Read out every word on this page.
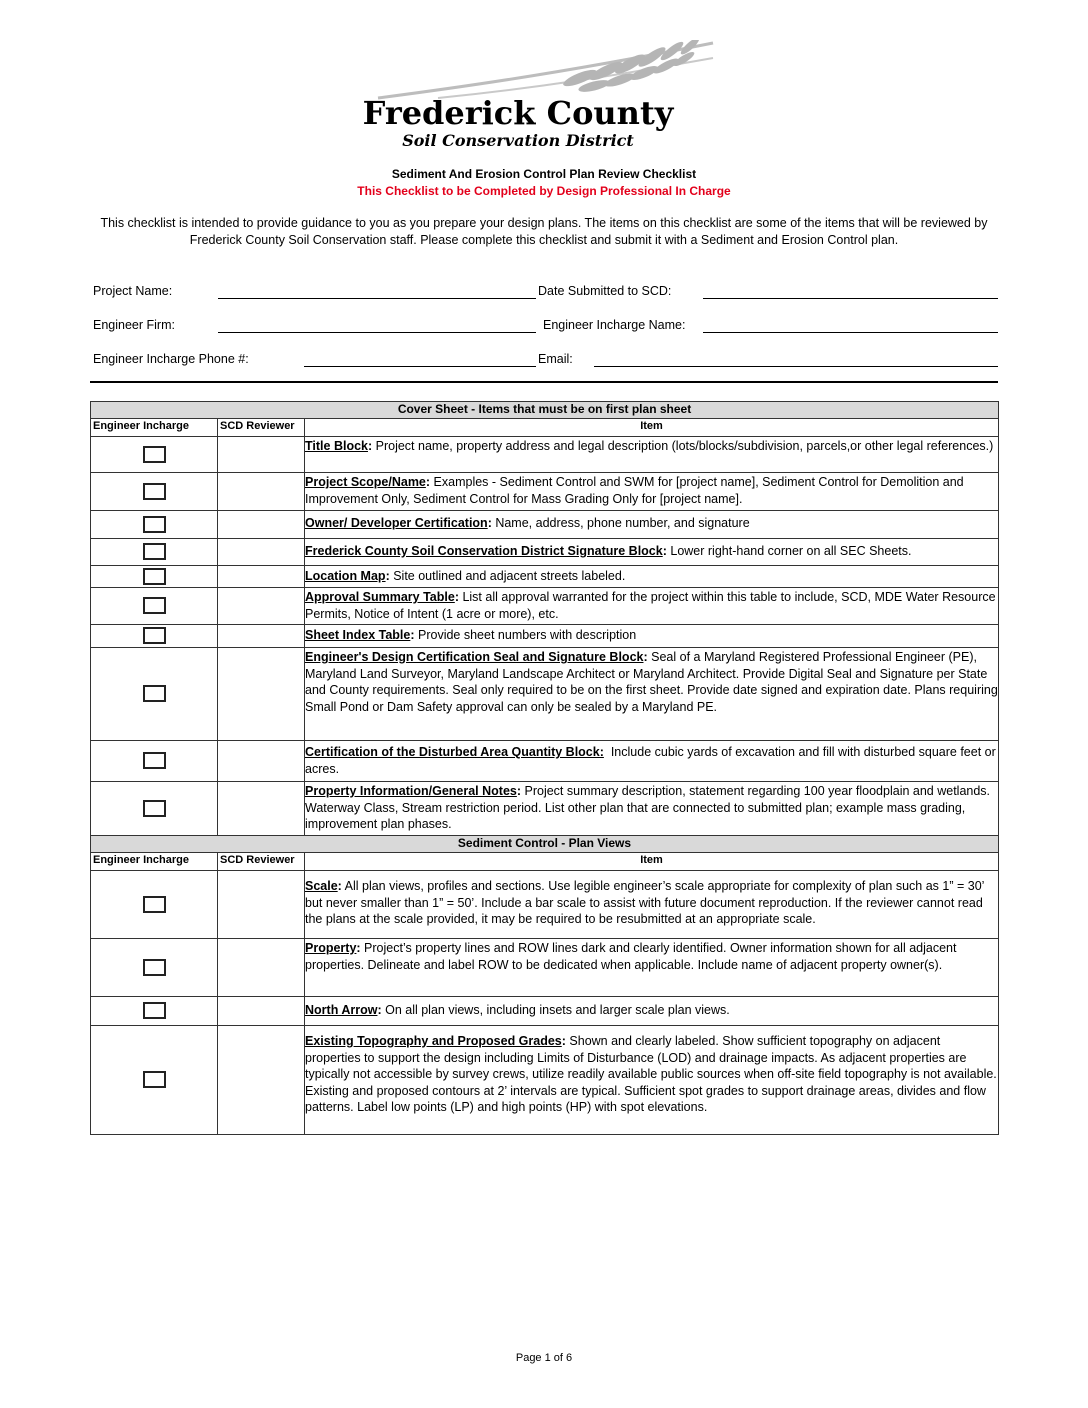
Frederick County
Soil Conservation District
Sediment And Erosion Control Plan Review Checklist
This Checklist to be Completed by Design Professional In Charge
This checklist is intended to provide guidance to you as you prepare your design plans. The items on this checklist are some of the items that will be reviewed by Frederick County Soil Conservation staff. Please complete this checklist and submit it with a Sediment and Erosion Control plan.
Project Name:	Date Submitted to SCD:
Engineer Firm:	Engineer Incharge Name:
Engineer Incharge Phone #:	Email:
Cover Sheet - Items that must be on first plan sheet		
Engineer Incharge	SCD Reviewer	Item
		Title Block: Project name, property address and legal description (lots/blocks/subdivision, parcels,or other legal references.)
		Project Scope/Name: Examples - Sediment Control and SWM for [project name], Sediment Control for Demolition and Improvement Only, Sediment Control for Mass Grading Only for [project name].
		Owner/ Developer Certification: Name, address, phone number, and signature
		Frederick County Soil Conservation District Signature Block: Lower right-hand corner on all SEC Sheets.
		Location Map: Site outlined and adjacent streets labeled.
		Approval Summary Table: List all approval warranted for the project within this table to include, SCD, MDE Water Resource Permits, Notice of Intent (1 acre or more), etc.
		Sheet Index Table: Provide sheet numbers with description
		Engineer's Design Certification Seal and Signature Block: Seal of a Maryland Registered Professional Engineer (PE), Maryland Land Surveyor, Maryland Landscape Architect or Maryland Architect. Provide Digital Seal and Signature per State and County requirements. Seal only required to be on the first sheet. Provide date signed and expiration date. Plans requiring Small Pond or Dam Safety approval can only be sealed by a Maryland PE.
		Certification of the Disturbed Area Quantity Block:  Include cubic yards of excavation and fill with disturbed square feet or acres.
		Property Information/General Notes: Project summary description, statement regarding 100 year floodplain and wetlands. Waterway Class, Stream restriction period. List other plan that are connected to submitted plan; example mass grading, improvement plan phases.
Sediment Control - Plan Views		
Engineer Incharge	SCD Reviewer	Item
		Scale: All plan views, profiles and sections. Use legible engineer’s scale appropriate for complexity of plan such as 1” = 30’ but never smaller than 1” = 50’. Include a bar scale to assist with future document reproduction. If the reviewer cannot read the plans at the scale provided, it may be required to be resubmitted at an appropriate scale.
		Property: Project’s property lines and ROW lines dark and clearly identified. Owner information shown for all adjacent properties. Delineate and label ROW to be dedicated when applicable. Include name of adjacent property owner(s).
		North Arrow: On all plan views, including insets and larger scale plan views.
		Existing Topography and Proposed Grades: Shown and clearly labeled. Show sufficient topography on adjacent properties to support the design including Limits of Disturbance (LOD) and drainage impacts. As adjacent properties are typically not accessible by survey crews, utilize readily available public sources when off-site field topography is not available. Existing and proposed contours at 2’ intervals are typical. Sufficient spot grades to support drainage areas, divides and flow patterns. Label low points (LP) and high points (HP) with spot elevations.
Page 1 of 6
